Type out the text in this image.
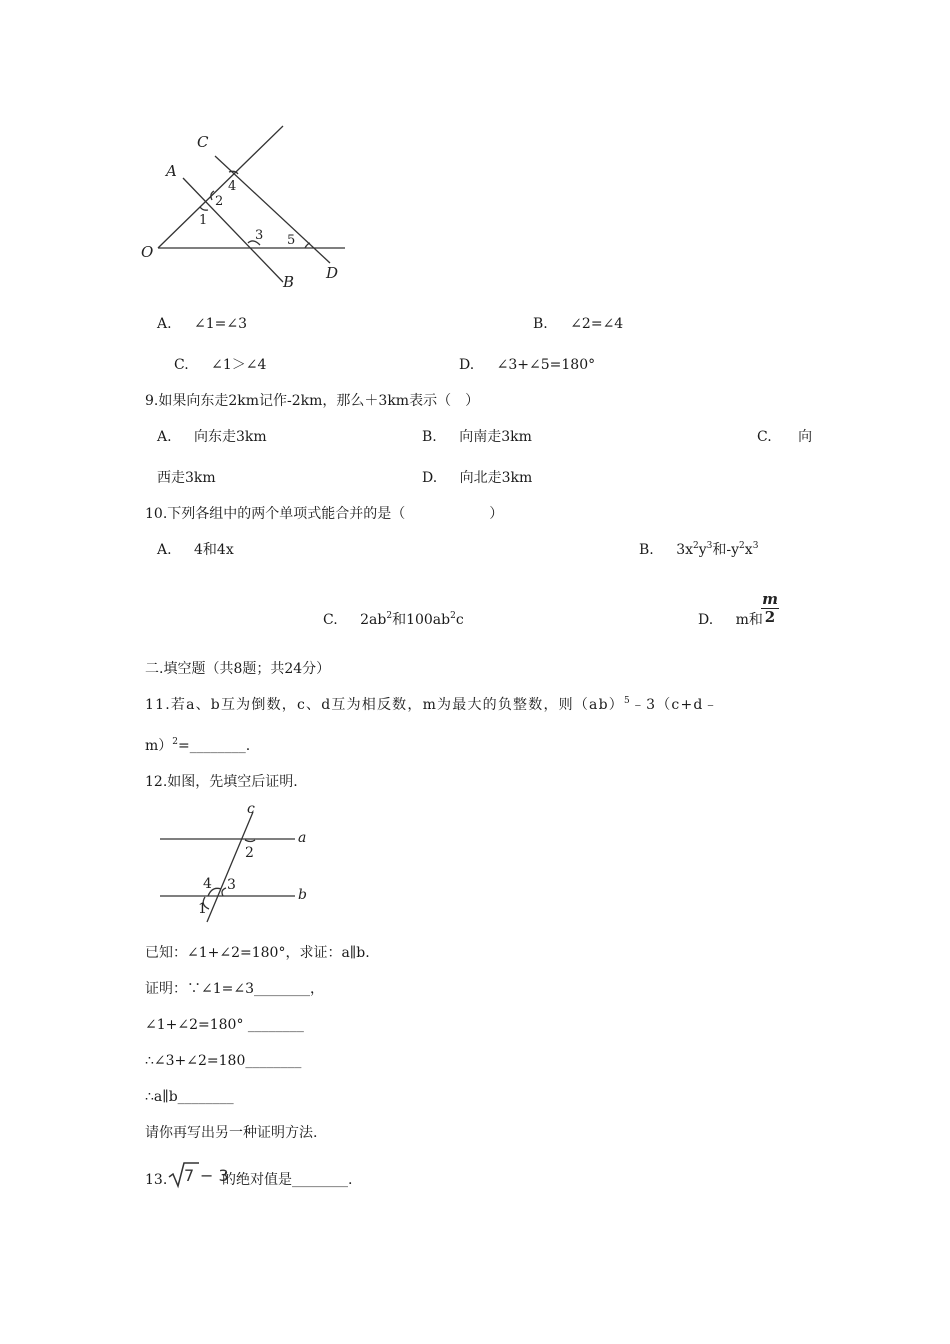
C
A
O
B D
1
2
3
4
5
A. ∠1=∠3	B. ∠2=∠4
C. ∠1＞∠4	D. ∠3+∠5=180°
9.如果向东走2km记作-2km，那么＋3km表示（　）
A. 向东走3km	B. 向南走3km	C. 向
西走3km	D. 向北走3km
10.下列各组中的两个单项式能合并的是（　　　　　　）
A. 4和4x	B. $3x^2y^3$和$-y^2x^3$
C. $2ab^2$和$100ab^2c$	D. m和
m
2
二.填空题（共8题；共24分）
11.若a、b互为倒数，c、d互为相反数，m为最大的负整数，则（ab）$^5$﹣3（c+d﹣
m）$^2$=________.
12.如图，先填空后证明.
c
a
b
2
4 3
1
已知：∠1+∠2=180°，求证：a∥b.
证明：∵∠1=∠3________，
∠1+∠2=180° ________
∴∠3+∠2=180________
∴a∥b________
请你再写出另一种证明方法.
13. 7 − 3
的绝对值是________.
